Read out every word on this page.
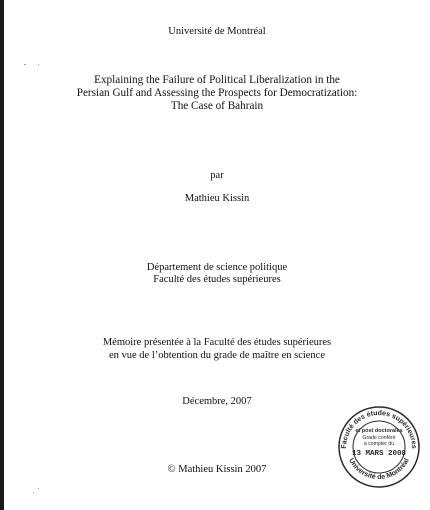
Université de Montréal
Explaining the Failure of Political Liberalization in the
Persian Gulf and Assessing the Prospects for Democratization:
The Case of Bahrain
par
Mathieu Kissin
Département de science politique
Faculté des études supérieures
Mémoire présentée à la Faculté des études supérieures
en vue de l’obtention du grade de maître en science
Décembre, 2007
© Mathieu Kissin 2007
Faculté des études supérieures
et post doctorales
Grade conféré
à compter du
13 MARS 2008
Université de Montréal
